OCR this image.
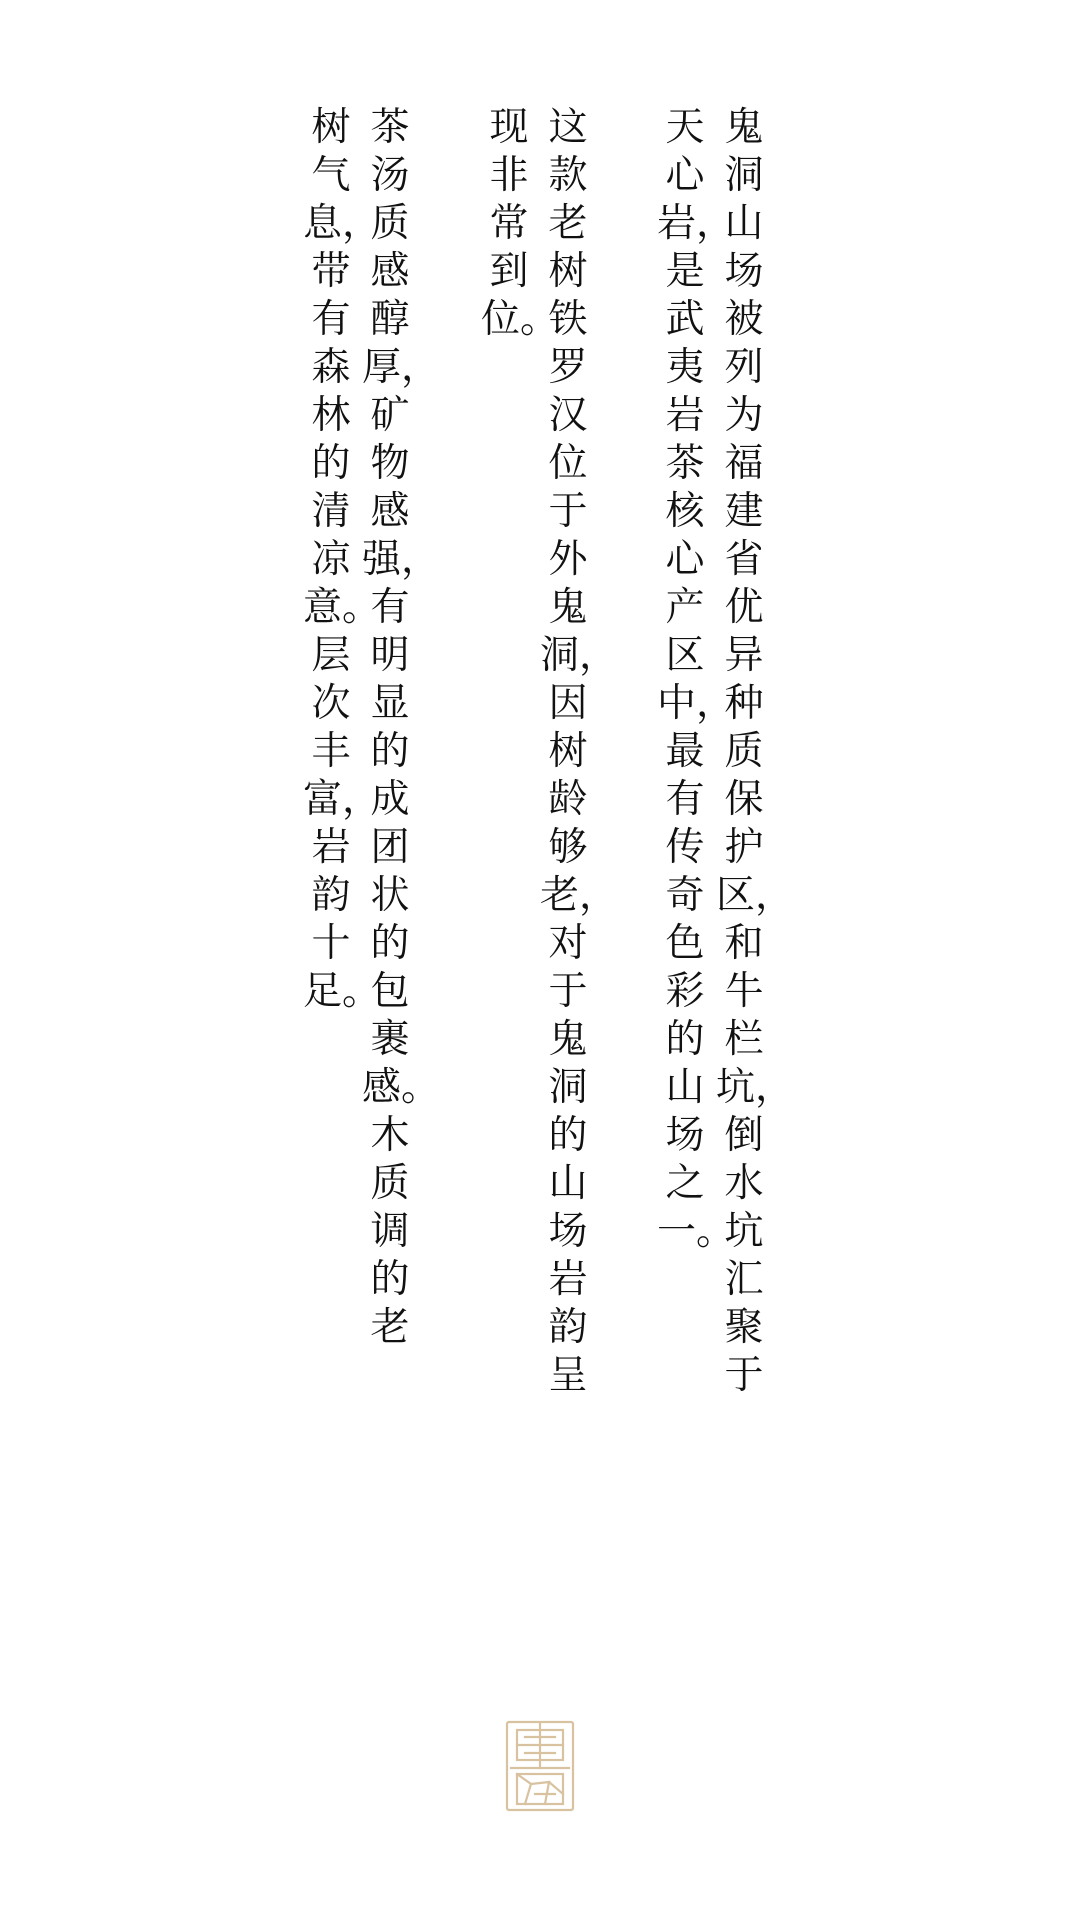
鬼洞山场被列为福建省优异种质保护区，和牛栏坑，倒水坑汇聚于
天心岩，是武夷岩茶核心产区中，最有传奇色彩的山场之一。
这款老树铁罗汉位于外鬼洞，因树龄够老，对于鬼洞的山场岩韵呈
现非常到位。
茶汤质感醇厚，矿物感强，有明显的成团状的包裹感。木质调的老
树气息，带有森林的清凉意。层次丰富，岩韵十足。
